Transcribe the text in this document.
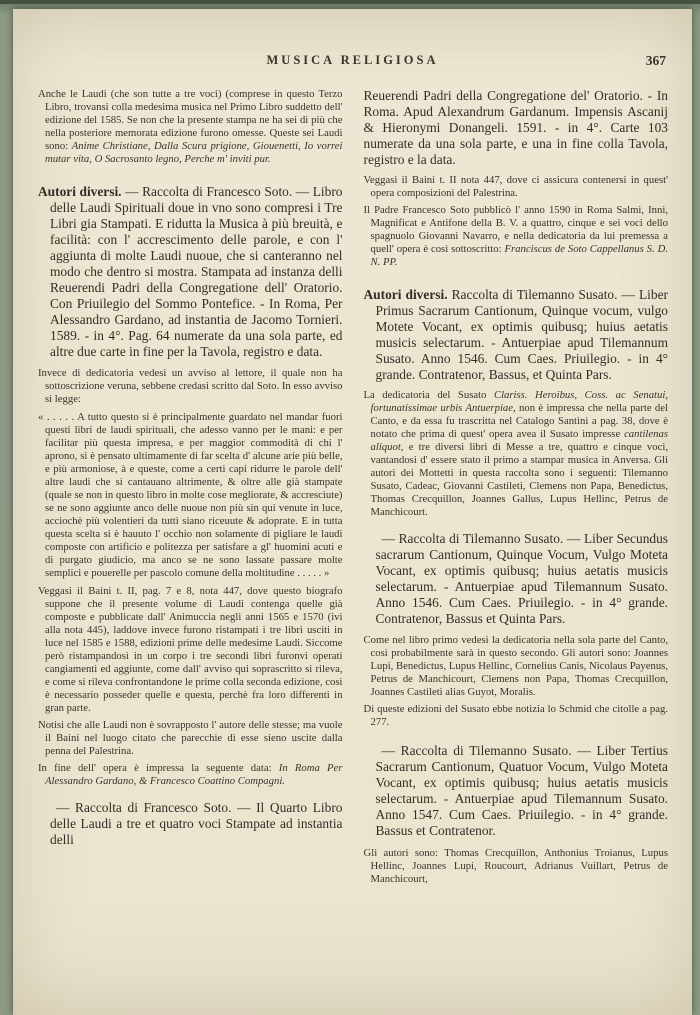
MUSICA RELIGIOSA	367

Anche le Laudi (che son tutte a tre voci) (comprese in questo Terzo Libro, trovansi colla medesima musica nel Primo Libro suddetto dell' edizione del 1585. Se non che la presente stampa ne ha sei di più che nella posteriore memorata edizione furono omesse. Queste sei Laudi sono: Anime Christiane, Dalla Scura prigione, Giouenetti, Io vorrei mutar vita, O Sacrosanto legno, Perche m' inviti pur.

Autori diversi. — Raccolta di Francesco Soto. — Libro delle Laudi Spirituali doue in vno sono compresi i Tre Libri gia Stampati. E ridutta la Musica à più breuità, e facilità: con l' accrescimento delle parole, e con l' aggiunta di molte Laudi nuoue, che si canteranno nel modo che dentro si mostra. Stampata ad instanza delli Reuerendi Padri della Congregatione dell' Oratorio. Con Priuilegio del Sommo Pontefice. - In Roma, Per Alessandro Gardano, ad instantia de Jacomo Tornieri. 1589. - in 4°. Pag. 64 numerate da una sola parte, ed altre due carte in fine per la Tavola, registro e data.

Invece di dedicatoria vedesi un avviso al lettore, il quale non ha sottoscrizione veruna, sebbene credasi scritto dal Soto. In esso avviso si legge:

« . . . . . A tutto questo si è principalmente guardato nel mandar fuori questi libri de laudi spirituali, che adesso vanno per le mani: e per facilitar più questa impresa, e per maggior commodità di chi l' aprono, si è pensato ultimamente di far scelta d' alcune arie più belle, e più armoniose, à e queste, come a certi capi ridurre le parole dell' altre laudi che si cantauano altrimente, & oltre alle già stampate (quale se non in questo libro in molte cose megliorate, & accresciute) se ne sono aggiunte anco delle nuoue non più sin qui venute in luce, acciochè più volentieri da tutti siano riceuute & adoprate. E in tutta questa scelta si è hauuto l' occhio non solamente di pigliare le laudi composte con artificio e politezza per satisfare a gl' huomini acuti e di purgato giudicio, ma anco se ne sono lassate passare molte semplici e pouerelle per pascolo comune della moltitudine . . . . . »

Veggasi il Baini t. II, pag. 7 e 8, nota 447, dove questo biografo suppone che il presente volume di Laudi contenga quelle già composte e pubblicate dall' Animuccia negli anni 1565 e 1570 (ivi alla nota 445), laddove invece furono ristampati i tre libri usciti in luce nel 1585 e 1588, edizioni prime delle medesime Laudi. Siccome però ristampandosi in un corpo i tre secondi libri furonvi operati cangiamenti ed aggiunte, come dall' avviso qui soprascritto si rileva, e come si rileva confrontandone le prime colla seconda edizione, così è necessario posseder quelle e questa, perchè fra loro differenti in gran parte.

Notisi che alle Laudi non è sovrapposto l' autore delle stesse; ma vuole il Baini nel luogo citato che parecchie di esse sieno uscite dalla penna del Palestrina.

In fine dell' opera è impressa la seguente data: In Roma Per Alessandro Gardano, & Francesco Coattino Compagni.

— Raccolta di Francesco Soto. — Il Quarto Libro delle Laudi a tre et quatro voci Stampate ad instantia delli

Reuerendi Padri della Congregatione del' Oratorio. - In Roma. Apud Alexandrum Gardanum. Impensis Ascanij & Hieronymi Donangeli. 1591. - in 4°. Carte 103 numerate da una sola parte, e una in fine colla Tavola, registro e la data.

Veggasi il Baini t. II nota 447, dove ci assicura contenersi in quest' opera composizioni del Palestrina.

Il Padre Francesco Soto pubblicò l' anno 1590 in Roma Salmi, Inni, Magnificat e Antifone della B. V. a quattro, cinque e sei voci dello spagnuolo Giovanni Navarro, e nella dedicatoria da lui premessa a quell' opera è così sottoscritto: Franciscus de Soto Cappellanus S. D. N. PP.

Autori diversi. Raccolta di Tilemanno Susato. — Liber Primus Sacrarum Cantionum, Quinque vocum, vulgo Motete Vocant, ex optimis quibusq; huius aetatis musicis selectarum. - Antuerpiae apud Tilemannum Susato. Anno 1546. Cum Caes. Priuilegio. - in 4° grande. Contratenor, Bassus, et Quinta Pars.

La dedicatoria del Susato Clariss. Heroibus, Coss. ac Senatui, fortunatissimae urbis Antuerpiae, non è impressa che nella parte del Canto, e da essa fu trascritta nel Catalogo Santini a pag. 38, dove è notato che prima di quest' opera avea il Susato impresse cantilenas aliquot, e tre diversi libri di Messe a tre, quattro e cinque voci, vantandosi d' essere stato il primo a stampar musica in Anversa. Gli autori dei Mottetti in questa raccolta sono i seguenti: Tilemanno Susato, Cadeac, Giovanni Castileti, Clemens non Papa, Benedictus, Thomas Crecquillon, Joannes Gallus, Lupus Hellinc, Petrus de Manchicourt.

— Raccolta di Tilemanno Susato. — Liber Secundus sacrarum Cantionum, Quinque Vocum, Vulgo Moteta Vocant, ex optimis quibusq; huius aetatis musicis selectarum. - Antuerpiae apud Tilemannum Susato. Anno 1546. Cum Caes. Priuilegio. - in 4° grande. Contratenor, Bassus et Quinta Pars.

Come nel libro primo vedesi la dedicatoria nella sola parte del Canto, così probabilmente sarà in questo secondo. Gli autori sono: Joannes Lupi, Benedictus, Lupus Hellinc, Cornelius Canis, Nicolaus Payenus, Petrus de Manchicourt, Clemens non Papa, Thomas Crecquillon, Joannes Castileti alias Guyot, Moralis.

Di queste edizioni del Susato ebbe notizia lo Schmid che citolle a pag. 277.

— Raccolta di Tilemanno Susato. — Liber Tertius Sacrarum Cantionum, Quatuor Vocum, Vulgo Moteta Vocant, ex optimis quibusq; huius aetatis musicis selectarum. - Antuerpiae apud Tilemannum Susato. Anno 1547. Cum Caes. Priuilegio. - in 4° grande. Bassus et Contratenor.

Gli autori sono: Thomas Crecquillon, Anthonius Troianus, Lupus Hellinc, Joannes Lupi, Roucourt, Adrianus Vuillart, Petrus de Manchicourt,
